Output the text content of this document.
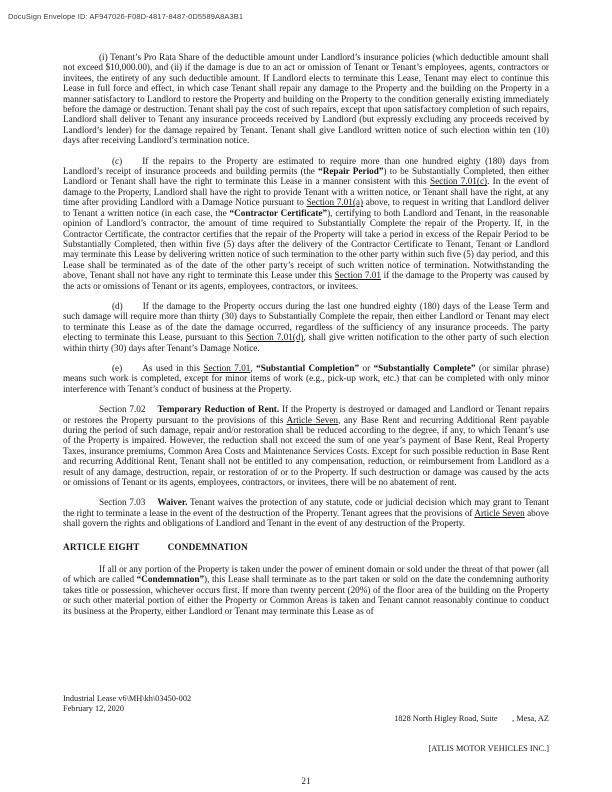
DocuSign Envelope ID: AF947026-F08D-4817-8487-0D5589A8A3B1

(i) Tenant’s Pro Rata Share of the deductible amount under Landlord’s insurance policies (which deductible amount shall not exceed $10,000.00), and (ii) if the damage is due to an act or omission of Tenant or Tenant’s employees, agents, contractors or invitees, the entirety of any such deductible amount. If Landlord elects to terminate this Lease, Tenant may elect to continue this Lease in full force and effect, in which case Tenant shall repair any damage to the Property and the building on the Property in a manner satisfactory to Landlord to restore the Property and building on the Property to the condition generally existing immediately before the damage or destruction. Tenant shall pay the cost of such repairs, except that upon satisfactory completion of such repairs, Landlord shall deliver to Tenant any insurance proceeds received by Landlord (but expressly excluding any proceeds received by Landlord’s lender) for the damage repaired by Tenant. Tenant shall give Landlord written notice of such election within ten (10) days after receiving Landlord’s termination notice.

(c) If the repairs to the Property are estimated to require more than one hundred eighty (180) days from Landlord’s receipt of insurance proceeds and building permits (the “Repair Period”) to be Substantially Completed, then either Landlord or Tenant shall have the right to terminate this Lease in a manner consistent with this Section 7.01(c). In the event of damage to the Property, Landlord shall have the right to provide Tenant with a written notice, or Tenant shall have the right, at any time after providing Landlord with a Damage Notice pursuant to Section 7.01(a) above, to request in writing that Landlord deliver to Tenant a written notice (in each case, the “Contractor Certificate”), certifying to both Landlord and Tenant, in the reasonable opinion of Landlord’s contractor, the amount of time required to Substantially Complete the repair of the Property. If, in the Contractor Certificate, the contractor certifies that the repair of the Property will take a period in excess of the Repair Period to be Substantially Completed, then within five (5) days after the delivery of the Contractor Certificate to Tenant, Tenant or Landlord may terminate this Lease by delivering written notice of such termination to the other party within such five (5) day period, and this Lease shall be terminated as of the date of the other party’s receipt of such written notice of termination. Notwithstanding the above, Tenant shall not have any right to terminate this Lease under this Section 7.01 if the damage to the Property was caused by the acts or omissions of Tenant or its agents, employees, contractors, or invitees.

(d) If the damage to the Property occurs during the last one hundred eighty (180) days of the Lease Term and such damage will require more than thirty (30) days to Substantially Complete the repair, then either Landlord or Tenant may elect to terminate this Lease as of the date the damage occurred, regardless of the sufficiency of any insurance proceeds. The party electing to terminate this Lease, pursuant to this Section 7.01(d), shall give written notification to the other party of such election within thirty (30) days after Tenant’s Damage Notice.

(e) As used in this Section 7.01, “Substantial Completion” or “Substantially Complete” (or similar phrase) means such work is completed, except for minor items of work (e.g., pick-up work, etc.) that can be completed with only minor interference with Tenant’s conduct of business at the Property.

Section 7.02 Temporary Reduction of Rent. If the Property is destroyed or damaged and Landlord or Tenant repairs or restores the Property pursuant to the provisions of this Article Seven, any Base Rent and recurring Additional Rent payable during the period of such damage, repair and/or restoration shall be reduced according to the degree, if any, to which Tenant’s use of the Property is impaired. However, the reduction shall not exceed the sum of one year’s payment of Base Rent, Real Property Taxes, insurance premiums, Common Area Costs and Maintenance Services Costs. Except for such possible reduction in Base Rent and recurring Additional Rent, Tenant shall not be entitled to any compensation, reduction, or reimbursement from Landlord as a result of any damage, destruction, repair, or restoration of or to the Property. If such destruction or damage was caused by the acts or omissions of Tenant or its agents, employees, contractors, or invitees, there will be no abatement of rent.

Section 7.03 Waiver. Tenant waives the protection of any statute, code or judicial decision which may grant to Tenant the right to terminate a lease in the event of the destruction of the Property. Tenant agrees that the provisions of Article Seven above shall govern the rights and obligations of Landlord and Tenant in the event of any destruction of the Property.

ARTICLE EIGHT	CONDEMNATION

If all or any portion of the Property is taken under the power of eminent domain or sold under the threat of that power (all of which are called “Condemnation”), this Lease shall terminate as to the part taken or sold on the date the condemning authority takes title or possession, whichever occurs first. If more than twenty percent (20%) of the floor area of the building on the Property or such other material portion of either the Property or Common Areas is taken and Tenant cannot reasonably continue to conduct its business at the Property, either Landlord or Tenant may terminate this Lease as of

Industrial Lease v6\MH\kh\03450-002
February 12, 2020

1828 North Higley Road, Suite       , Mesa, AZ

[ATLIS MOTOR VEHICLES INC.]

21
